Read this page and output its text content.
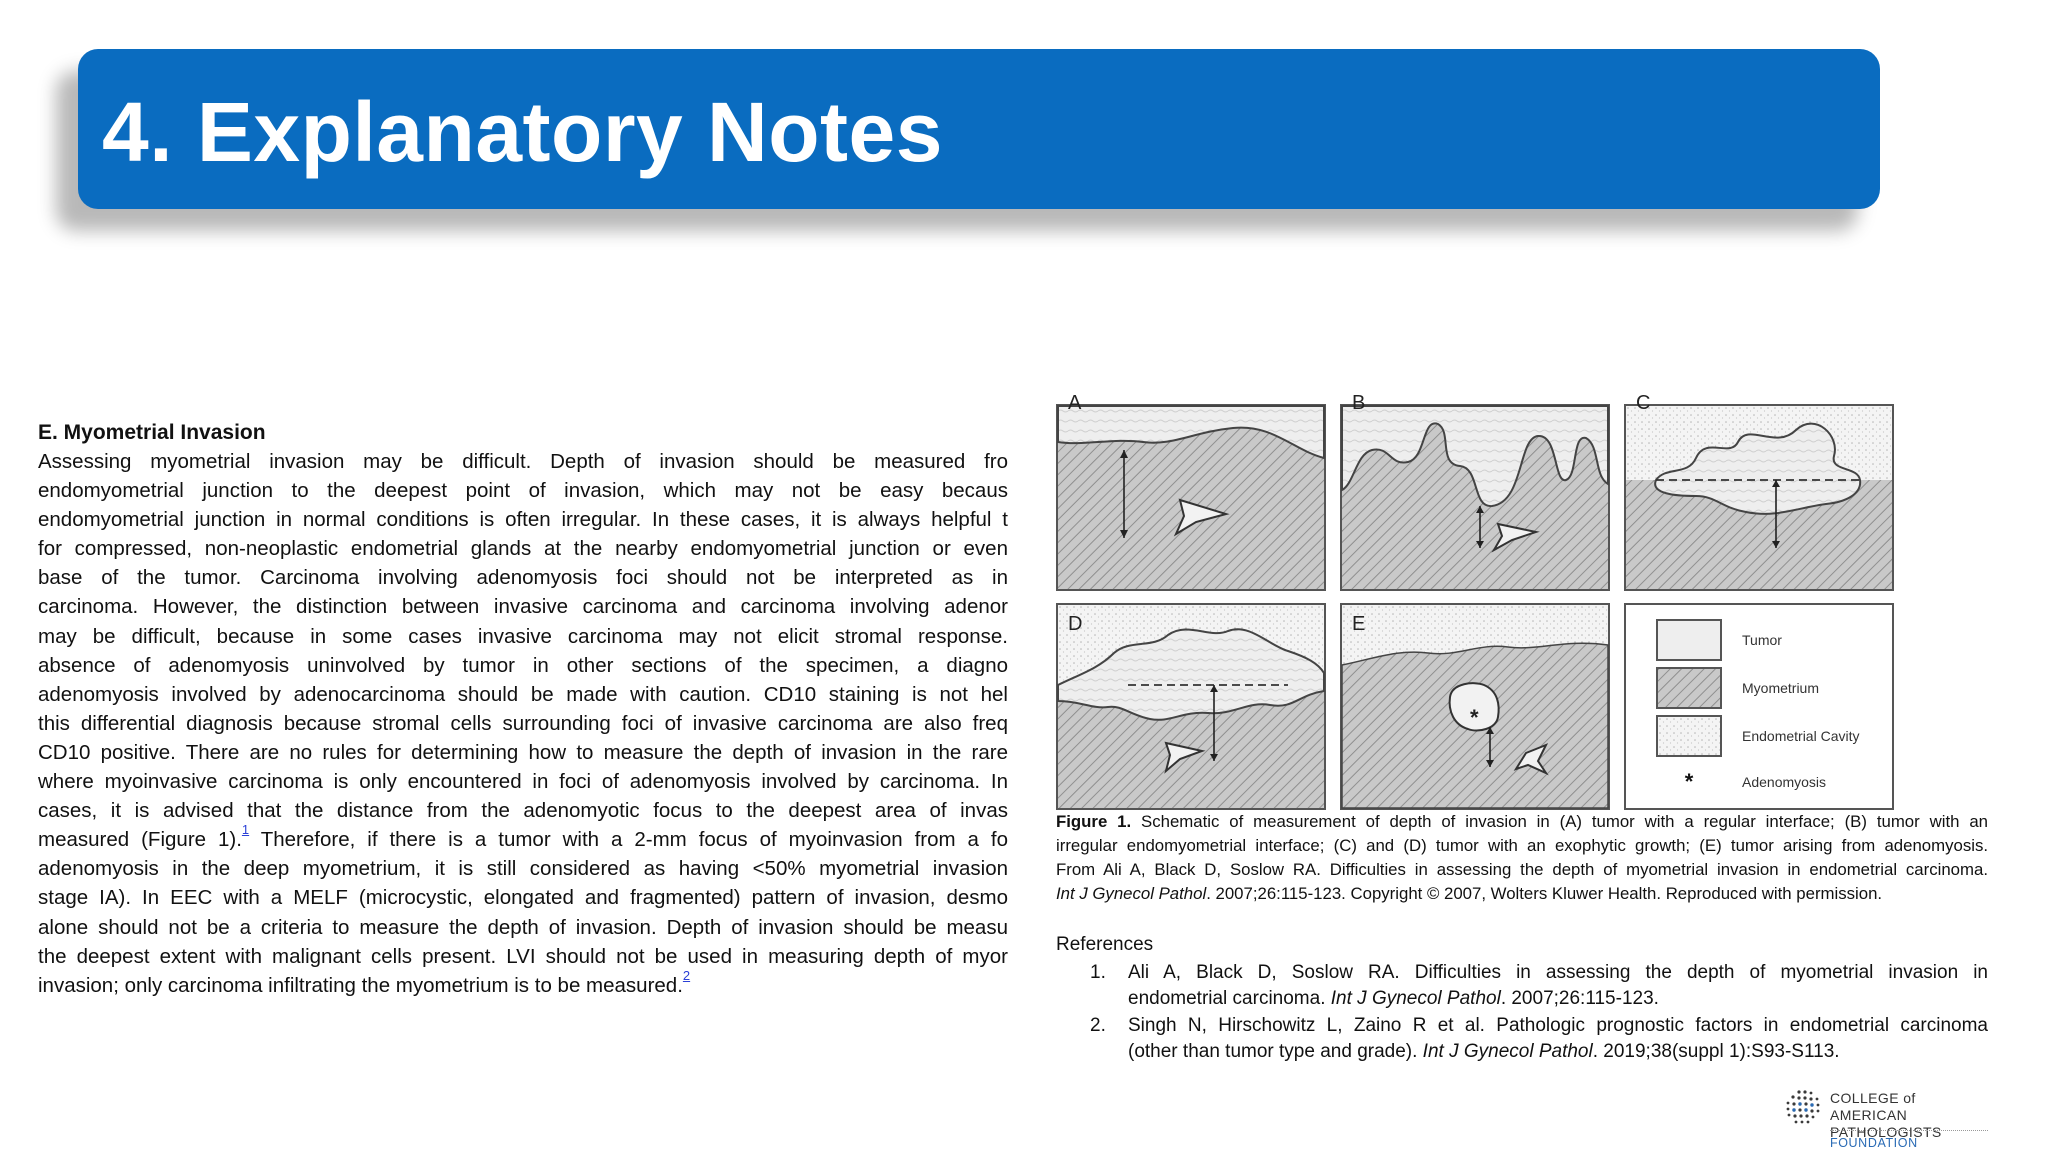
4. Explanatory Notes
E. Myometrial Invasion
Assessing myometrial invasion may be difficult. Depth of invasion should be measured fro
endomyometrial junction to the deepest point of invasion, which may not be easy becaus
endomyometrial junction in normal conditions is often irregular. In these cases, it is always helpful t
for compressed, non-neoplastic endometrial glands at the nearby endomyometrial junction or even
base of the tumor. Carcinoma involving adenomyosis foci should not be interpreted as in
carcinoma. However, the distinction between invasive carcinoma and carcinoma involving adenor
may be difficult, because in some cases invasive carcinoma may not elicit stromal response.
absence of adenomyosis uninvolved by tumor in other sections of the specimen, a diagno
adenomyosis involved by adenocarcinoma should be made with caution. CD10 staining is not hel
this differential diagnosis because stromal cells surrounding foci of invasive carcinoma are also freq
CD10 positive. There are no rules for determining how to measure the depth of invasion in the rare
where myoinvasive carcinoma is only encountered in foci of adenomyosis involved by carcinoma. In
cases, it is advised that the distance from the adenomyotic focus to the deepest area of invas
measured (Figure 1).$^1$ Therefore, if there is a tumor with a 2-mm focus of myoinvasion from a fo
adenomyosis in the deep myometrium, it is still considered as having <50% myometrial invasion
stage IA). In EEC with a MELF (microcystic, elongated and fragmented) pattern of invasion, desmo
alone should not be a criteria to measure the depth of invasion. Depth of invasion should be measu
the deepest extent with malignant cells present. LVI should not be used in measuring depth of myor
invasion; only carcinoma infiltrating the myometrium is to be measured.$^2$
A	B	C
D	E
*
Tumor
Myometrium
Endometrial Cavity
*	Adenomyosis
Figure 1. Schematic of measurement of depth of invasion in (A) tumor with a regular interface; (B) tumor with an
irregular endomyometrial interface; (C) and (D) tumor with an exophytic growth; (E) tumor arising from adenomyosis.
From Ali A, Black D, Soslow RA. Difficulties in assessing the depth of myometrial invasion in endometrial carcinoma.
Int J Gynecol Pathol. 2007;26:115-123. Copyright © 2007, Wolters Kluwer Health. Reproduced with permission.
References
1. Ali A, Black D, Soslow RA. Difficulties in assessing the depth of myometrial invasion in
endometrial carcinoma. Int J Gynecol Pathol. 2007;26:115-123.
2. Singh N, Hirschowitz L, Zaino R et al. Pathologic prognostic factors in endometrial carcinoma
(other than tumor type and grade). Int J Gynecol Pathol. 2019;38(suppl 1):S93-S113.
COLLEGE of AMERICAN
PATHOLOGISTS
FOUNDATION
